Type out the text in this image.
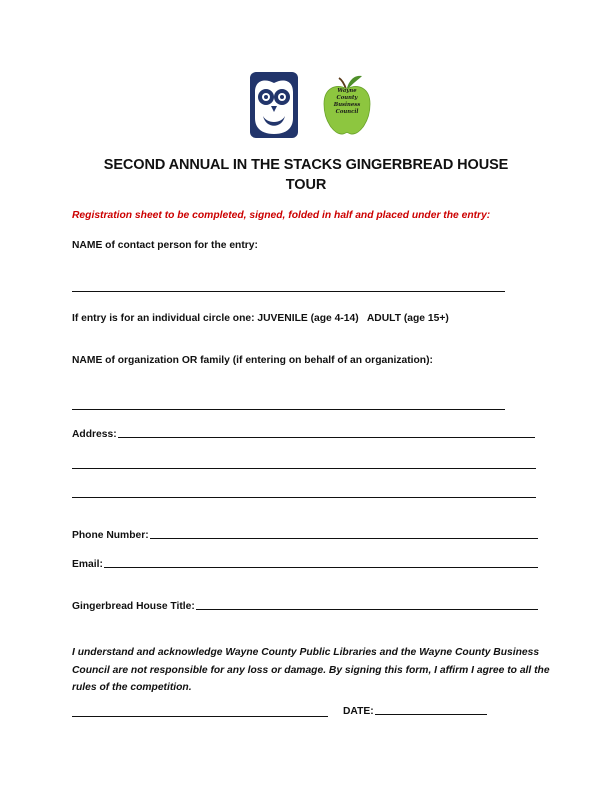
Wayne
County
Business
Council
SECOND ANNUAL IN THE STACKS GINGERBREAD HOUSE
TOUR
Registration sheet to be completed, signed, folded in half and placed under the entry:
NAME of contact person for the entry:
If entry is for an individual circle one: JUVENILE (age 4-14)   ADULT (age 15+)
NAME of organization OR family (if entering on behalf of an organization):
Address:
Phone Number:
Email:
Gingerbread House Title:
I understand and acknowledge Wayne County Public Libraries and the Wayne County Business Council are not responsible for any loss or damage. By signing this form, I affirm I agree to all the rules of the competition.
DATE:
